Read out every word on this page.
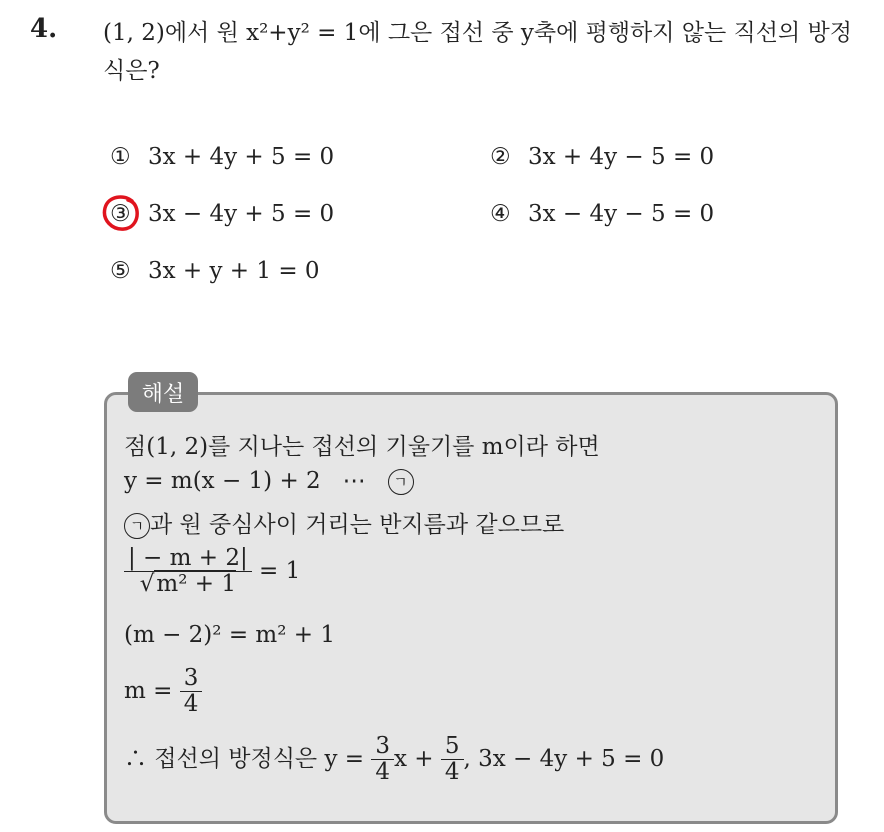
4. (1, 2)에서 원 x²+y² = 1에 그은 접선 중 y축에 평행하지 않는 직선의 방정식은?
① 3x + 4y + 5 = 0	② 3x + 4y − 5 = 0
③ 3x − 4y + 5 = 0	④ 3x − 4y − 5 = 0
⑤ 3x + y + 1 = 0
해설
점(1, 2)를 지나는 접선의 기울기를 m이라 하면
y = m(x − 1) + 2 ⋯ ㄱ
ㄱ 과 원 중심사이 거리는 반지름과 같으므로
$\frac{| - m + 2|}{\text{√m² + 1}} = 1$
(m − 2)² = m² + 1
$m = \frac{3}{4}$
∴ 접선의 방정식은 $y = \frac{3}{4}$ $x + \frac{5}{4}$ , 3x − 4y + 5 = 0
